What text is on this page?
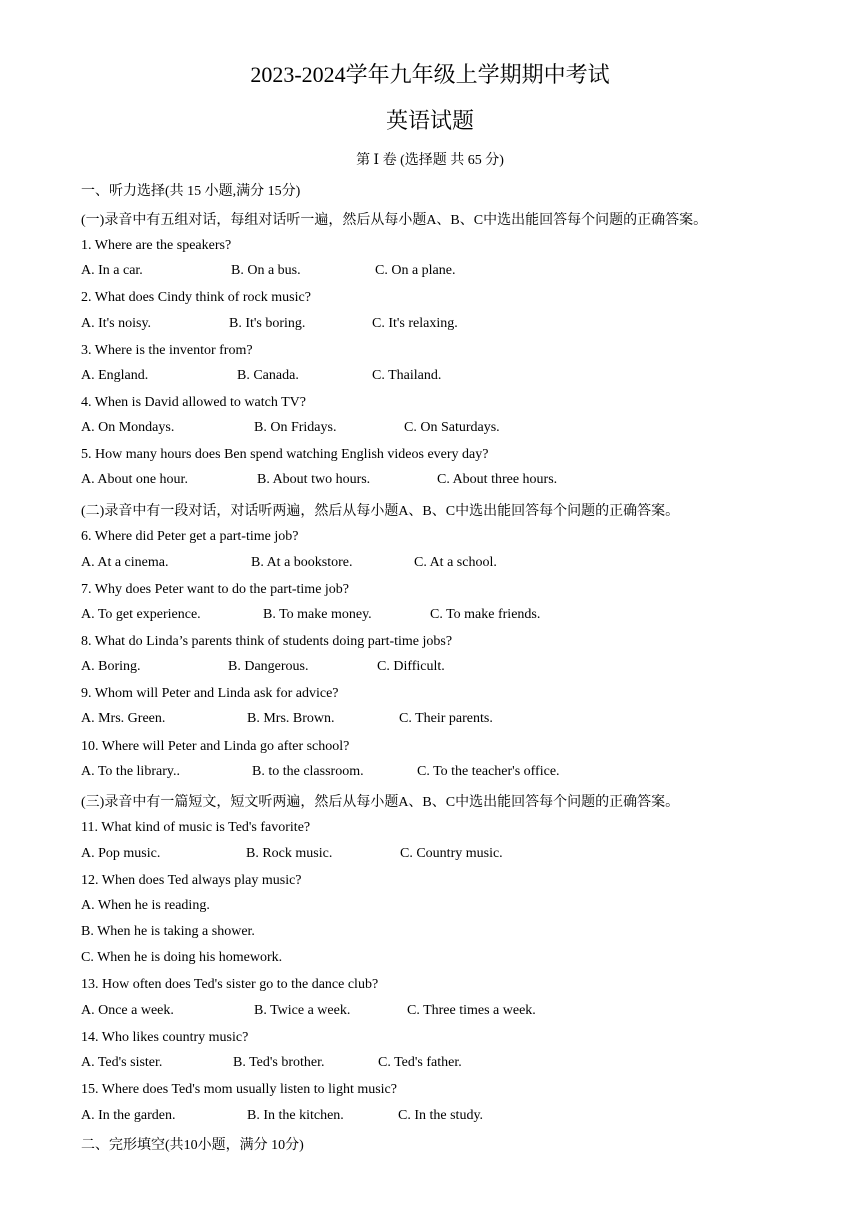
2023-2024学年九年级上学期期中考试
英语试题
第 Ⅰ 卷 (选择题 共 65 分)
一、听力选择(共 15 小题,满分 15分)
(一)录音中有五组对话，每组对话听一遍，然后从每小题A、B、C中选出能回答每个问题的正确答案。
1. Where are the speakers?
A. In a car.	B. On a bus.	C. On a plane.
2. What does Cindy think of rock music?
A. It's noisy.	B. It's boring.	C. It's relaxing.
3. Where is the inventor from?
A. England.	B. Canada.	C. Thailand.
4. When is David allowed to watch TV?
A. On Mondays.	B. On Fridays.	C. On Saturdays.
5. How many hours does Ben spend watching English videos every day?
A. About one hour.	B. About two hours.	C. About three hours.
(二)录音中有一段对话，对话听两遍，然后从每小题A、B、C中选出能回答每个问题的正确答案。
6. Where did Peter get a part-time job?
A. At a cinema.	B. At a bookstore.	C. At a school.
7. Why does Peter want to do the part-time job?
A. To get experience.	B. To make money.	C. To make friends.
8. What do Linda’s parents think of students doing part-time jobs?
A. Boring.	B. Dangerous.	C. Difficult.
9. Whom will Peter and Linda ask for advice?
A. Mrs. Green.	B. Mrs. Brown.	C. Their parents.
10. Where will Peter and Linda go after school?
A. To the library..	B. to the classroom.	C. To the teacher's office.
(三)录音中有一篇短文，短文听两遍，然后从每小题A、B、C中选出能回答每个问题的正确答案。
11. What kind of music is Ted's favorite?
A. Pop music.	B. Rock music.	C. Country music.
12. When does Ted always play music?
A. When he is reading.
B. When he is taking a shower.
C. When he is doing his homework.
13. How often does Ted's sister go to the dance club?
A. Once a week.	B. Twice a week.	C. Three times a week.
14. Who likes country music?
A. Ted's sister.	B. Ted's brother.	C. Ted's father.
15. Where does Ted's mom usually listen to light music?
A. In the garden.	B. In the kitchen.	C. In the study.
二、完形填空(共10小题，满分 10分)
